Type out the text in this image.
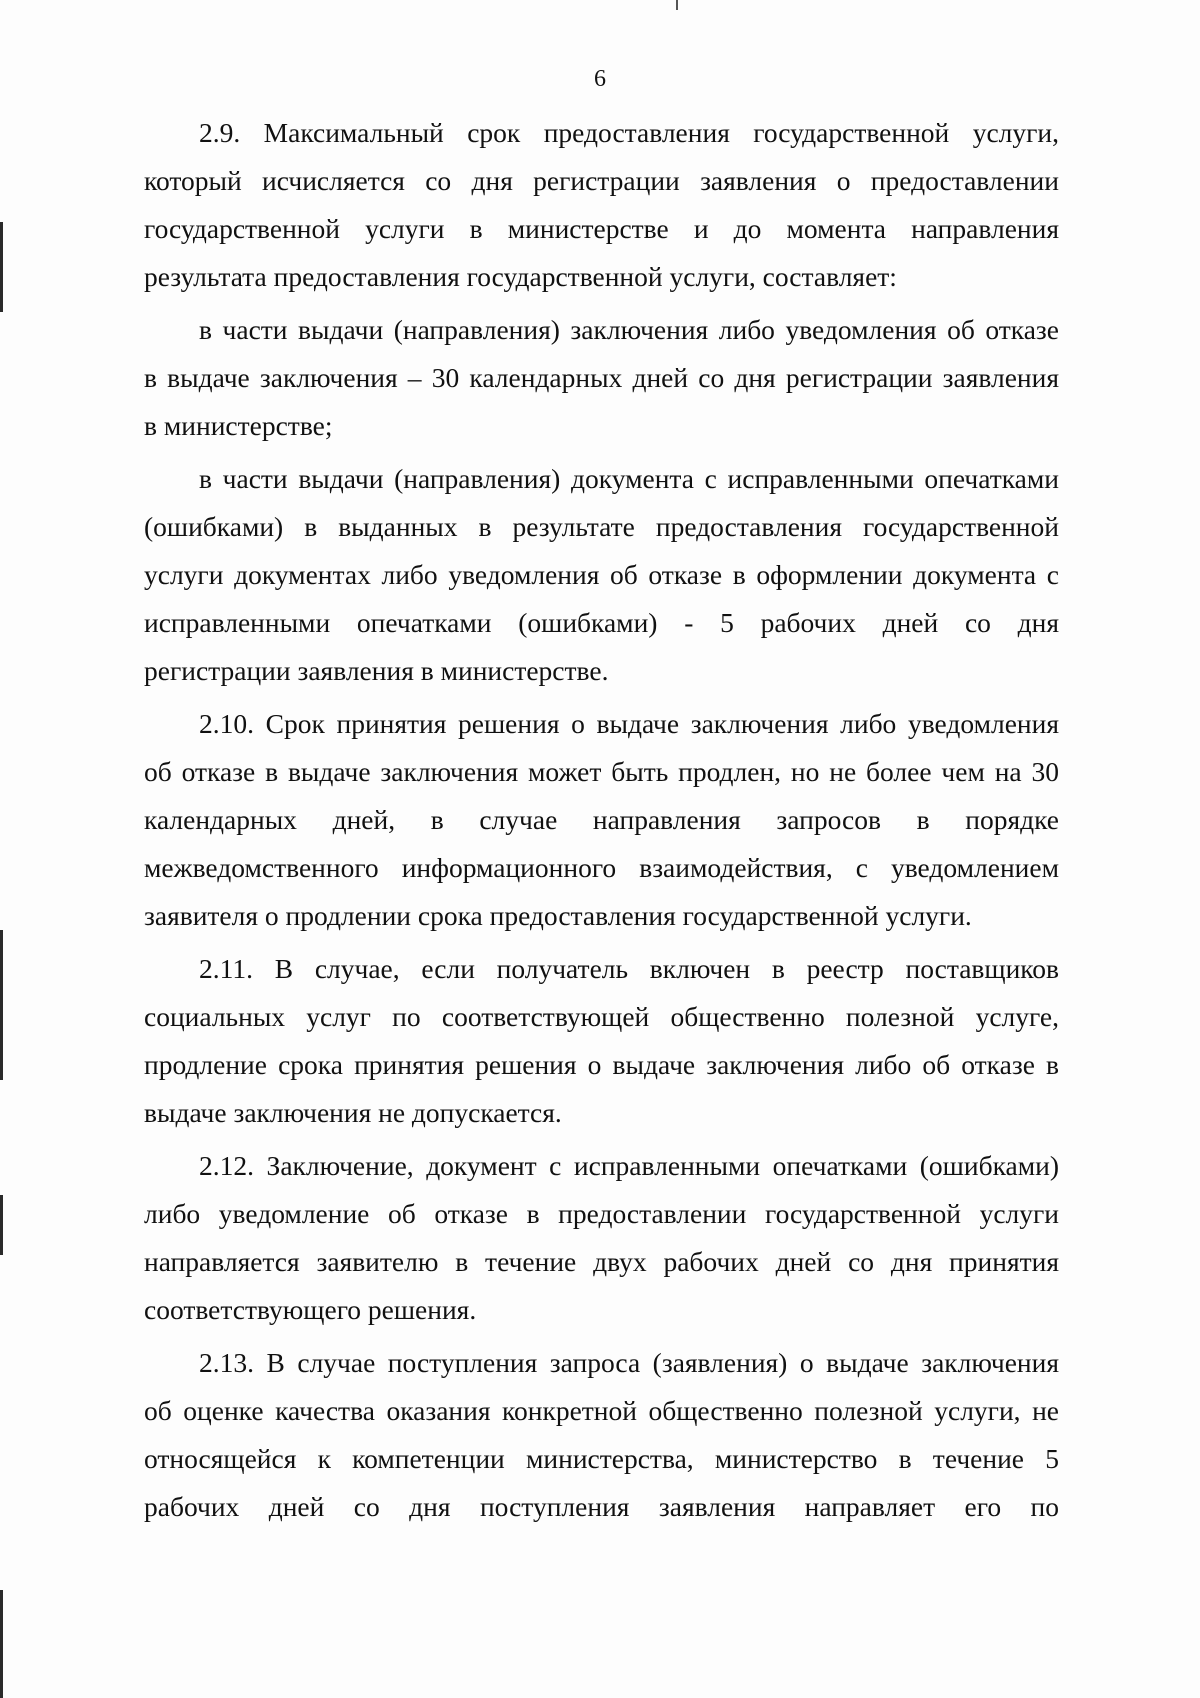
6
2.9. Максимальный срок предоставления государственной услуги,
который исчисляется со дня регистрации заявления о предоставлении
государственной услуги в министерстве и до момента направления
результата предоставления государственной услуги, составляет:
в части выдачи (направления) заключения либо уведомления об отказе
в выдаче заключения – 30 календарных дней со дня регистрации заявления
в министерстве;
в части выдачи (направления) документа с исправленными опечатками
(ошибками) в выданных в результате предоставления государственной
услуги документах либо уведомления об отказе в оформлении документа с
исправленными опечатками (ошибками) - 5 рабочих дней со дня
регистрации заявления в министерстве.
2.10. Срок принятия решения о выдаче заключения либо уведомления
об отказе в выдаче заключения может быть продлен, но не более чем на 30
календарных дней, в случае направления запросов в порядке
межведомственного информационного взаимодействия, с уведомлением
заявителя о продлении срока предоставления государственной услуги.
2.11. В случае, если получатель включен в реестр поставщиков
социальных услуг по соответствующей общественно полезной услуге,
продление срока принятия решения о выдаче заключения либо об отказе в
выдаче заключения не допускается.
2.12. Заключение, документ с исправленными опечатками (ошибками)
либо уведомление об отказе в предоставлении государственной услуги
направляется заявителю в течение двух рабочих дней со дня принятия
соответствующего решения.
2.13. В случае поступления запроса (заявления) о выдаче заключения
об оценке качества оказания конкретной общественно полезной услуги, не
относящейся к компетенции министерства, министерство в течение 5
рабочих дней со дня поступления заявления направляет его по
